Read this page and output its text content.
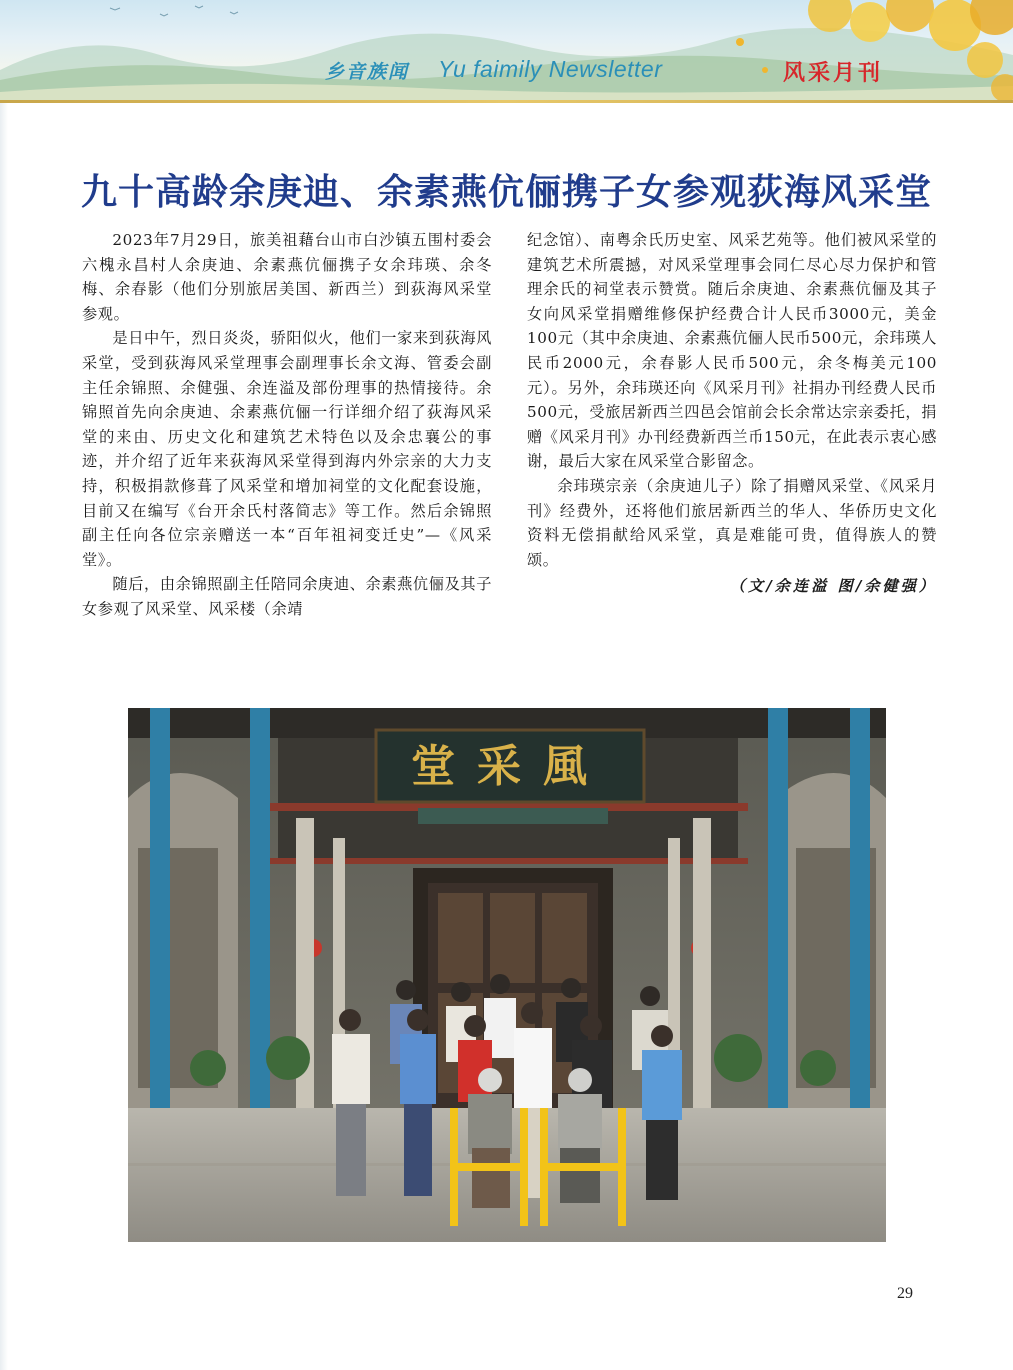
乡音族闻 Yu faimily Newsletter	风采月刊
九十高龄余庚迪、余素燕伉俪携子女参观荻海风采堂

2023年7月29日，旅美祖藉台山市白沙镇五围村委会六槐永昌村人余庚迪、余素燕伉俪携子女余玮瑛、余冬梅、余春影（他们分别旅居美国、新西兰）到荻海风采堂参观。

是日中午，烈日炎炎，骄阳似火，他们一家来到荻海风采堂，受到荻海风采堂理事会副理事长余文海、管委会副主任余锦照、余健强、余连溢及部份理事的热情接待。余锦照首先向余庚迪、余素燕伉俪一行详细介绍了荻海风采堂的来由、历史文化和建筑艺术特色以及余忠襄公的事迹，并介绍了近年来荻海风采堂得到海内外宗亲的大力支持，积极捐款修葺了风采堂和增加祠堂的文化配套设施，目前又在编写《台开余氏村落简志》等工作。然后余锦照副主任向各位宗亲赠送一本“百年祖祠变迁史”—《风采堂》。

随后，由余锦照副主任陪同余庚迪、余素燕伉俪及其子女参观了风采堂、风采楼（余靖

纪念馆）、南粤余氏历史室、风采艺苑等。他们被风采堂的建筑艺术所震撼，对风采堂理事会同仁尽心尽力保护和管理余氏的祠堂表示赞赏。随后余庚迪、余素燕伉俪及其子女向风采堂捐赠维修保护经费合计人民币3000元，美金100元（其中余庚迪、余素燕伉俪人民币500元，余玮瑛人民币2000元，余春影人民币500元，余冬梅美元100元）。另外，余玮瑛还向《风采月刊》社捐办刊经费人民币500元，受旅居新西兰四邑会馆前会长余常达宗亲委托，捐赠《风采月刊》办刊经费新西兰币150元，在此表示衷心感谢，最后大家在风采堂合影留念。

余玮瑛宗亲（余庚迪儿子）除了捐赠风采堂、《风采月刊》经费外，还将他们旅居新西兰的华人、华侨历史文化资料无偿捐献给风采堂，真是难能可贵，值得族人的赞颂。

（文/余连溢 图/余健强）
堂采風
29
